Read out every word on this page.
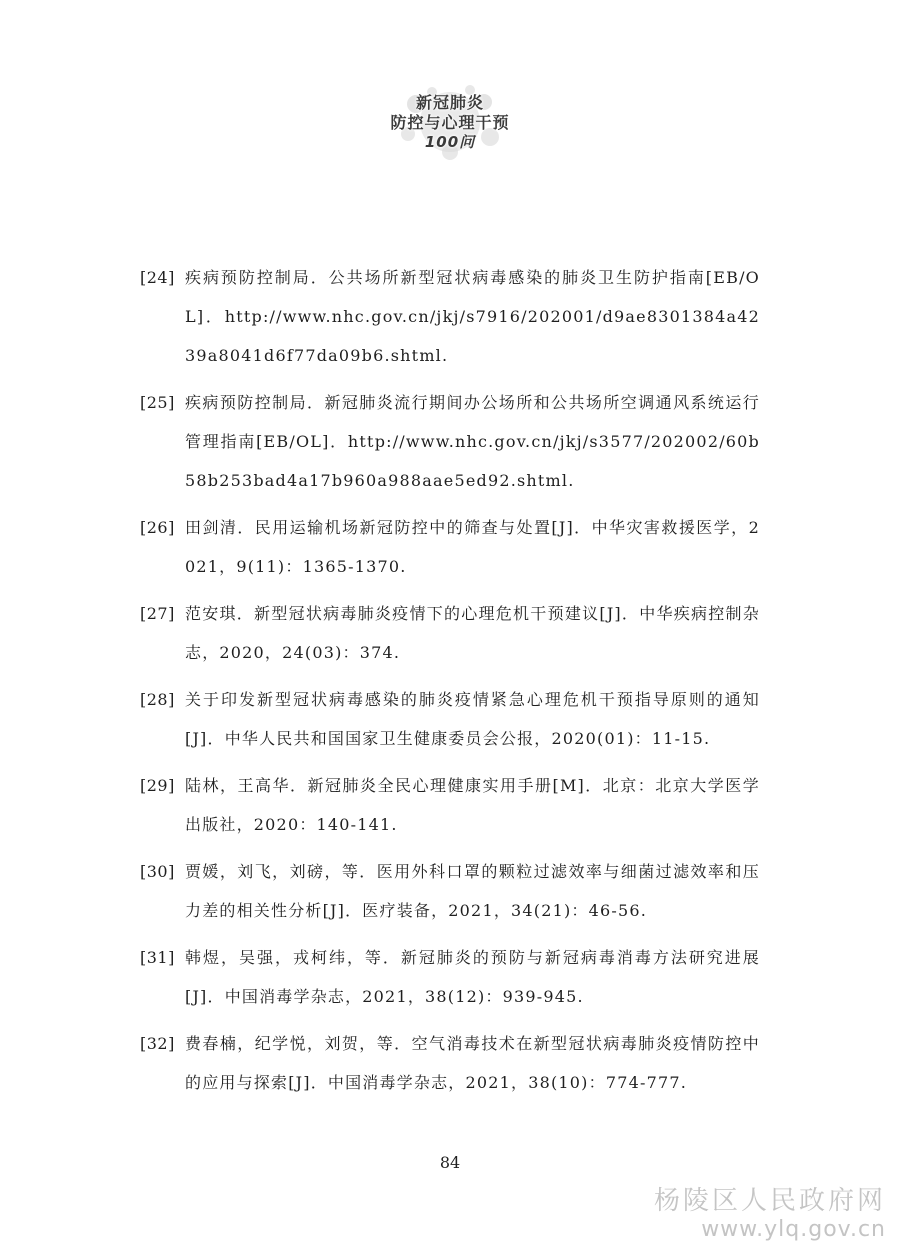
新冠肺炎
防控与心理干预
100问
[24] 疾病预防控制局．公共场所新型冠状病毒感染的肺炎卫生防护指南[EB/OL]．http://www.nhc.gov.cn/jkj/s7916/202001/d9ae8301384a4239a8041d6f77da09b6.shtml.
[25] 疾病预防控制局．新冠肺炎流行期间办公场所和公共场所空调通风系统运行管理指南[EB/OL]．http://www.nhc.gov.cn/jkj/s3577/202002/60b58b253bad4a17b960a988aae5ed92.shtml.
[26] 田剑清．民用运输机场新冠防控中的筛查与处置[J]．中华灾害救援医学，2021，9(11)：1365-1370.
[27] 范安琪．新型冠状病毒肺炎疫情下的心理危机干预建议[J]．中华疾病控制杂志，2020，24(03)：374.
[28] 关于印发新型冠状病毒感染的肺炎疫情紧急心理危机干预指导原则的通知[J]．中华人民共和国国家卫生健康委员会公报，2020(01)：11-15.
[29] 陆林，王高华．新冠肺炎全民心理健康实用手册[M]．北京：北京大学医学出版社，2020：140-141.
[30] 贾媛，刘飞，刘磅，等．医用外科口罩的颗粒过滤效率与细菌过滤效率和压力差的相关性分析[J]．医疗装备，2021，34(21)：46-56.
[31] 韩煜，吴强，戎柯纬，等．新冠肺炎的预防与新冠病毒消毒方法研究进展[J]．中国消毒学杂志，2021，38(12)：939-945.
[32] 费春楠，纪学悦，刘贺，等．空气消毒技术在新型冠状病毒肺炎疫情防控中的应用与探索[J]．中国消毒学杂志，2021，38(10)：774-777.
84
杨陵区人民政府网
www.ylq.gov.cn
